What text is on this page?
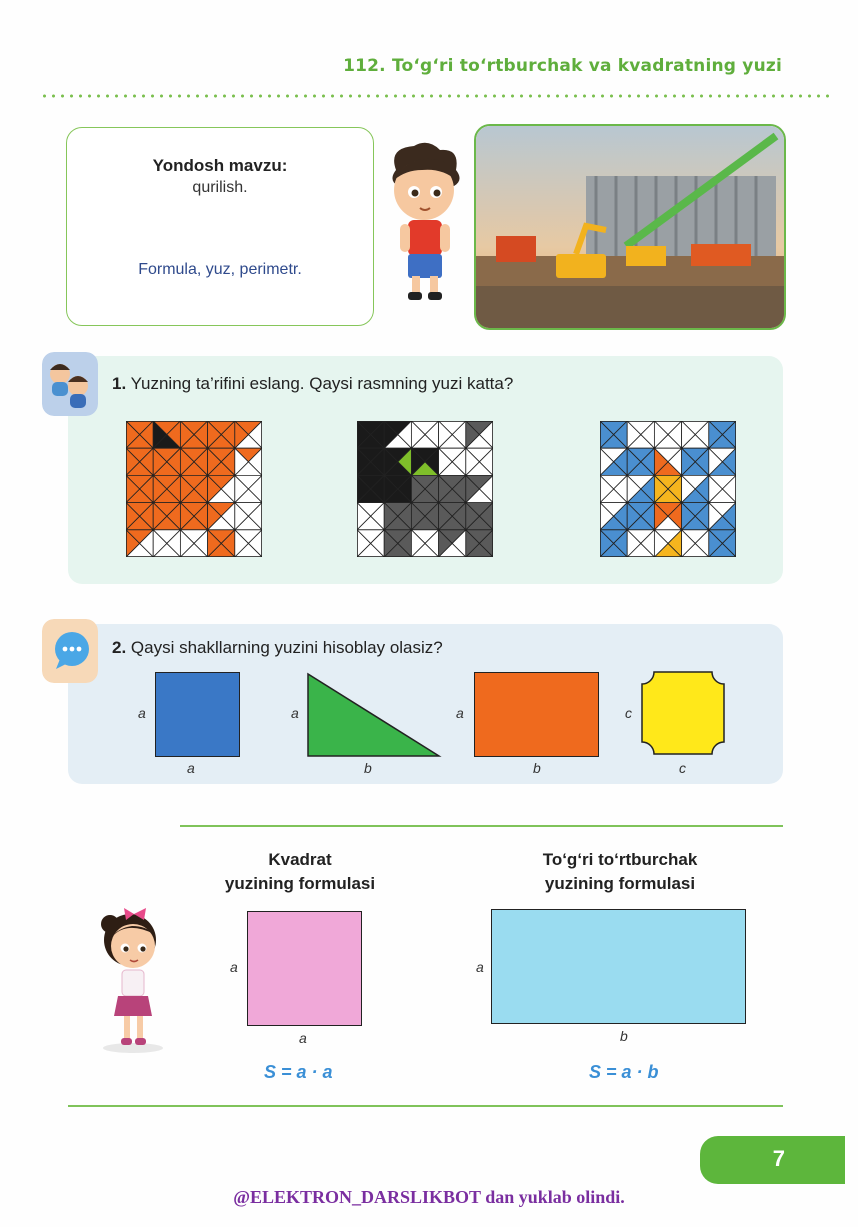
112. To‘g‘ri to‘rtburchak va kvadratning yuzi
Yondosh mavzu:
qurilish.
Formula, yuz, perimetr.
1. Yuzning ta’rifini eslang. Qaysi rasmning yuzi katta?
2. Qaysi shakllarning yuzini hisoblay olasiz?
a
a
a
b
a
b
c
c
Kvadrat
yuzining formulasi
To‘g‘ri to‘rtburchak
yuzining formulasi
a
a
S = a · a
a
b
S = a · b
7
@ELEKTRON_DARSLIKBOT dan yuklab olindi.
